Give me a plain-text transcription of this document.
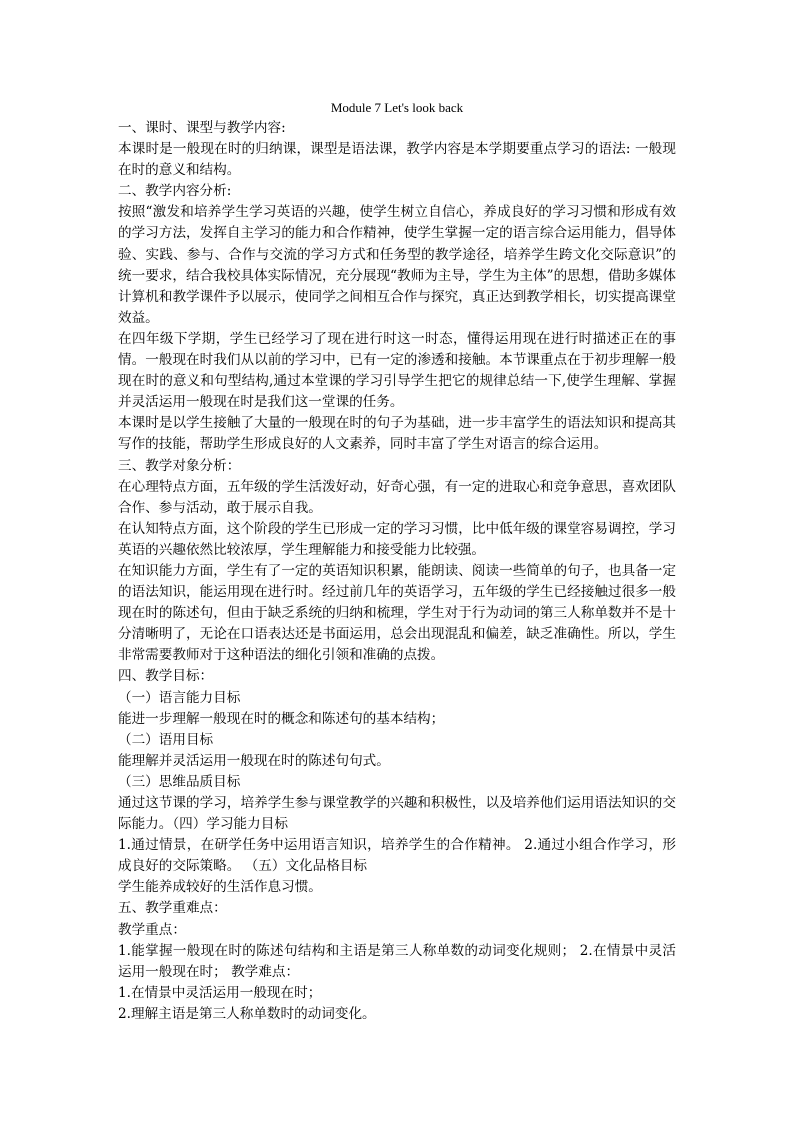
Module 7 Let's look back

一、课时、课型与教学内容:

本课时是一般现在时的归纳课，课型是语法课，教学内容是本学期要重点学习的语法: 一般现在时的意义和结构。

二、教学内容分析:

按照“激发和培养学生学习英语的兴趣，使学生树立自信心，养成良好的学习习惯和形成有效的学习方法，发挥自主学习的能力和合作精神，使学生掌握一定的语言综合运用能力，倡导体验、实践、参与、合作与交流的学习方式和任务型的教学途径，培养学生跨文化交际意识”的统一要求，结合我校具体实际情况，充分展现“教师为主导，学生为主体”的思想，借助多媒体计算机和教学课件予以展示，使同学之间相互合作与探究，真正达到教学相长，切实提高课堂效益。

在四年级下学期，学生已经学习了现在进行时这一时态，懂得运用现在进行时描述正在的事情。一般现在时我们从以前的学习中，已有一定的渗透和接触。本节课重点在于初步理解一般现在时的意义和句型结构,通过本堂课的学习引导学生把它的规律总结一下,使学生理解、掌握并灵活运用一般现在时是我们这一堂课的任务。

本课时是以学生接触了大量的一般现在时的句子为基础，进一步丰富学生的语法知识和提高其写作的技能，帮助学生形成良好的人文素养，同时丰富了学生对语言的综合运用。

三、教学对象分析：

在心理特点方面，五年级的学生活泼好动，好奇心强，有一定的进取心和竞争意思，喜欢团队合作、参与活动，敢于展示自我。

在认知特点方面，这个阶段的学生已形成一定的学习习惯，比中低年级的课堂容易调控，学习英语的兴趣依然比较浓厚，学生理解能力和接受能力比较强。

在知识能力方面，学生有了一定的英语知识积累，能朗读、阅读一些简单的句子，也具备一定的语法知识，能运用现在进行时。经过前几年的英语学习，五年级的学生已经接触过很多一般现在时的陈述句，但由于缺乏系统的归纳和梳理，学生对于行为动词的第三人称单数并不是十分清晰明了，无论在口语表达还是书面运用，总会出现混乱和偏差，缺乏准确性。所以，学生非常需要教师对于这种语法的细化引领和准确的点拨。

四、教学目标：

（一）语言能力目标

能进一步理解一般现在时的概念和陈述句的基本结构；

（二）语用目标

能理解并灵活运用一般现在时的陈述句句式。

（三）思维品质目标

通过这节课的学习，培养学生参与课堂教学的兴趣和积极性，以及培养他们运用语法知识的交际能力。（四）学习能力目标

1.通过情景，在研学任务中运用语言知识，培养学生的合作精神。 2.通过小组合作学习，形成良好的交际策略。 （五）文化品格目标

学生能养成较好的生活作息习惯。

五、教学重难点：

教学重点：

1.能掌握一般现在时的陈述句结构和主语是第三人称单数的动词变化规则； 2.在情景中灵活运用一般现在时； 教学难点：

1.在情景中灵活运用一般现在时；

2.理解主语是第三人称单数时的动词变化。
